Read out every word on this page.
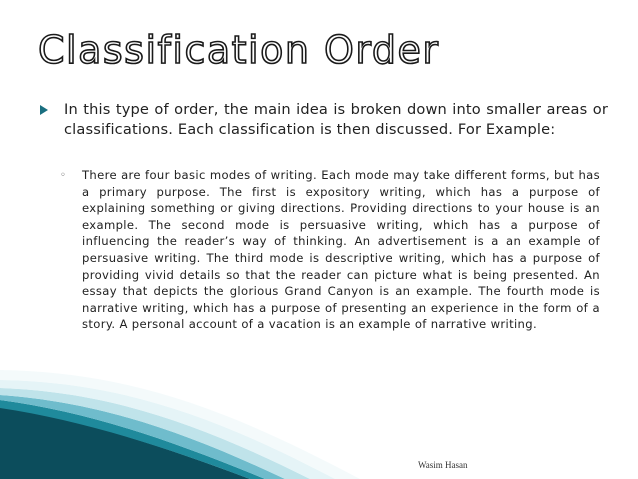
Classification Order
In this type of order, the main idea is broken down into smaller areas or classifications. Each classification is then discussed. For Example:
◦ There are four basic modes of writing. Each mode may take different forms, but has a primary purpose. The first is expository writing, which has a purpose of explaining something or giving directions. Providing directions to your house is an example. The second mode is persuasive writing, which has a purpose of influencing the reader’s way of thinking. An advertisement is a an example of persuasive writing. The third mode is descriptive writing, which has a purpose of providing vivid details so that the reader can picture what is being presented. An essay that depicts the glorious Grand Canyon is an example. The fourth mode is narrative writing, which has a purpose of presenting an experience in the form of a story. A personal account of a vacation is an example of narrative writing.
Wasim Hasan
